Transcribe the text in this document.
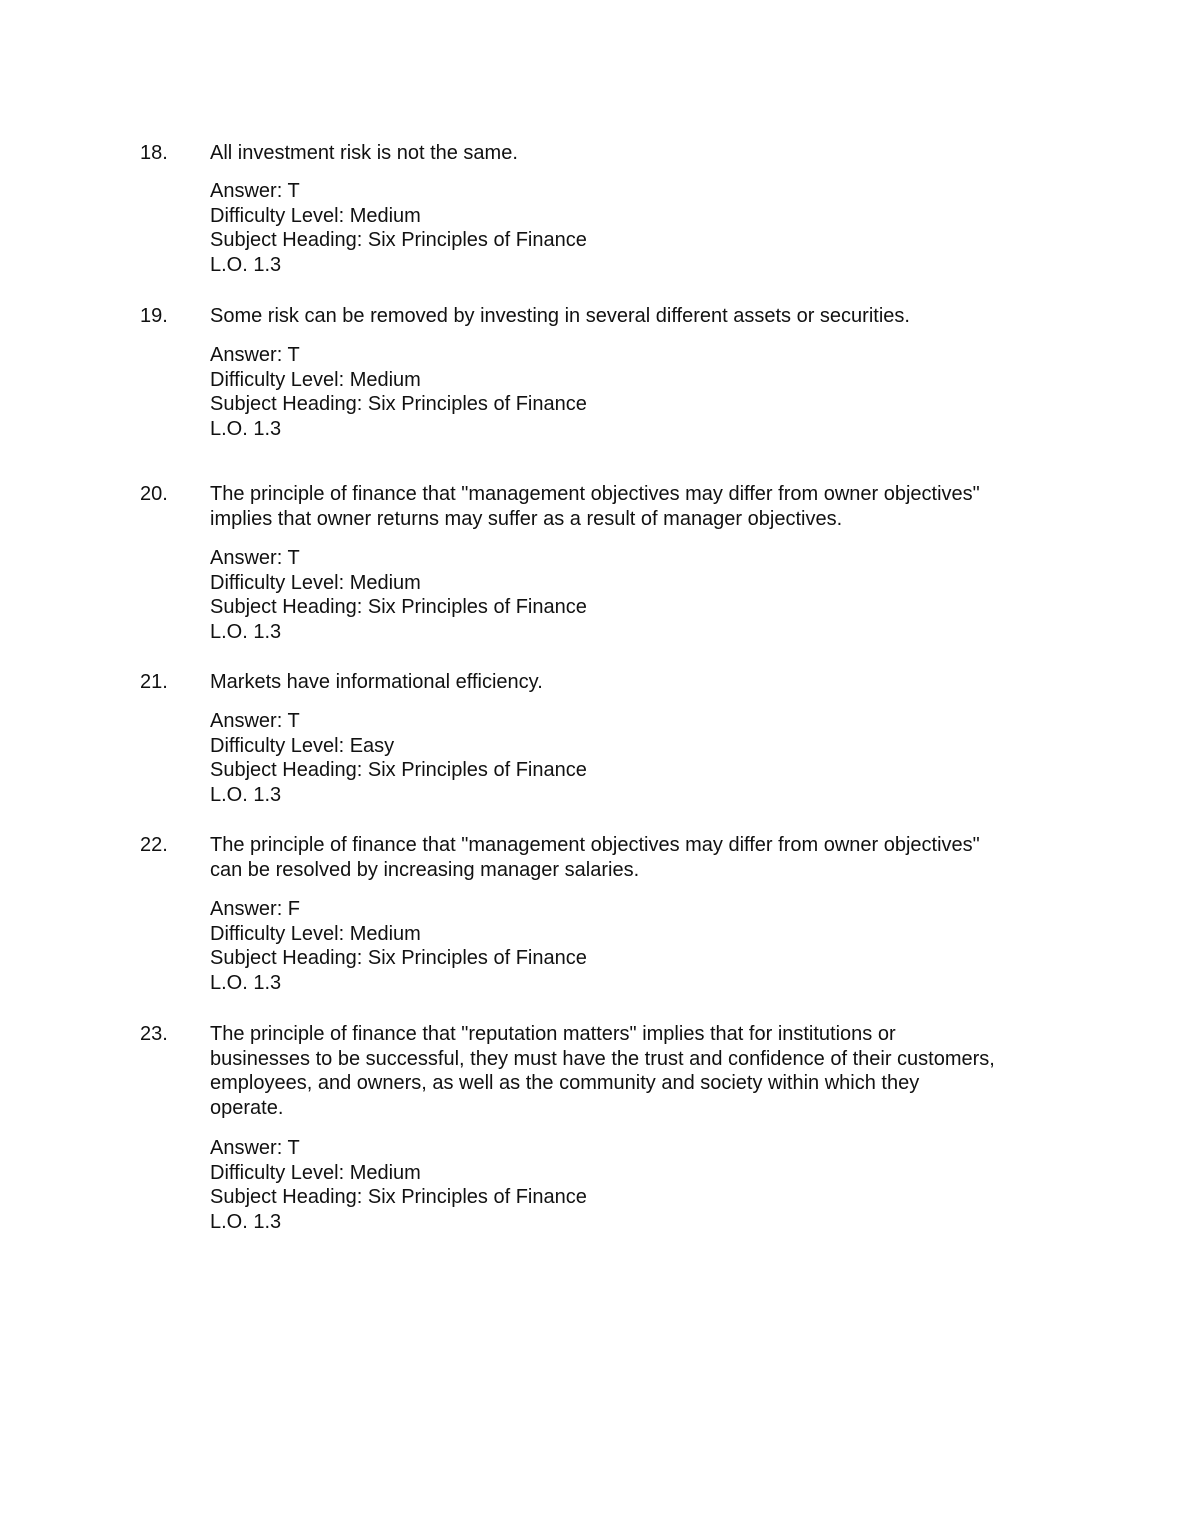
18. All investment risk is not the same.
Answer: T
Difficulty Level: Medium
Subject Heading: Six Principles of Finance
L.O. 1.3
19. Some risk can be removed by investing in several different assets or securities.
Answer: T
Difficulty Level: Medium
Subject Heading: Six Principles of Finance
L.O. 1.3
20. The principle of finance that "management objectives may differ from owner objectives"
implies that owner returns may suffer as a result of manager objectives.
Answer: T
Difficulty Level: Medium
Subject Heading: Six Principles of Finance
L.O. 1.3
21. Markets have informational efficiency.
Answer: T
Difficulty Level: Easy
Subject Heading: Six Principles of Finance
L.O. 1.3
22. The principle of finance that "management objectives may differ from owner objectives"
can be resolved by increasing manager salaries.
Answer: F
Difficulty Level: Medium
Subject Heading: Six Principles of Finance
L.O. 1.3
23. The principle of finance that "reputation matters" implies that for institutions or
businesses to be successful, they must have the trust and confidence of their customers,
employees, and owners, as well as the community and society within which they
operate.
Answer: T
Difficulty Level: Medium
Subject Heading: Six Principles of Finance
L.O. 1.3
